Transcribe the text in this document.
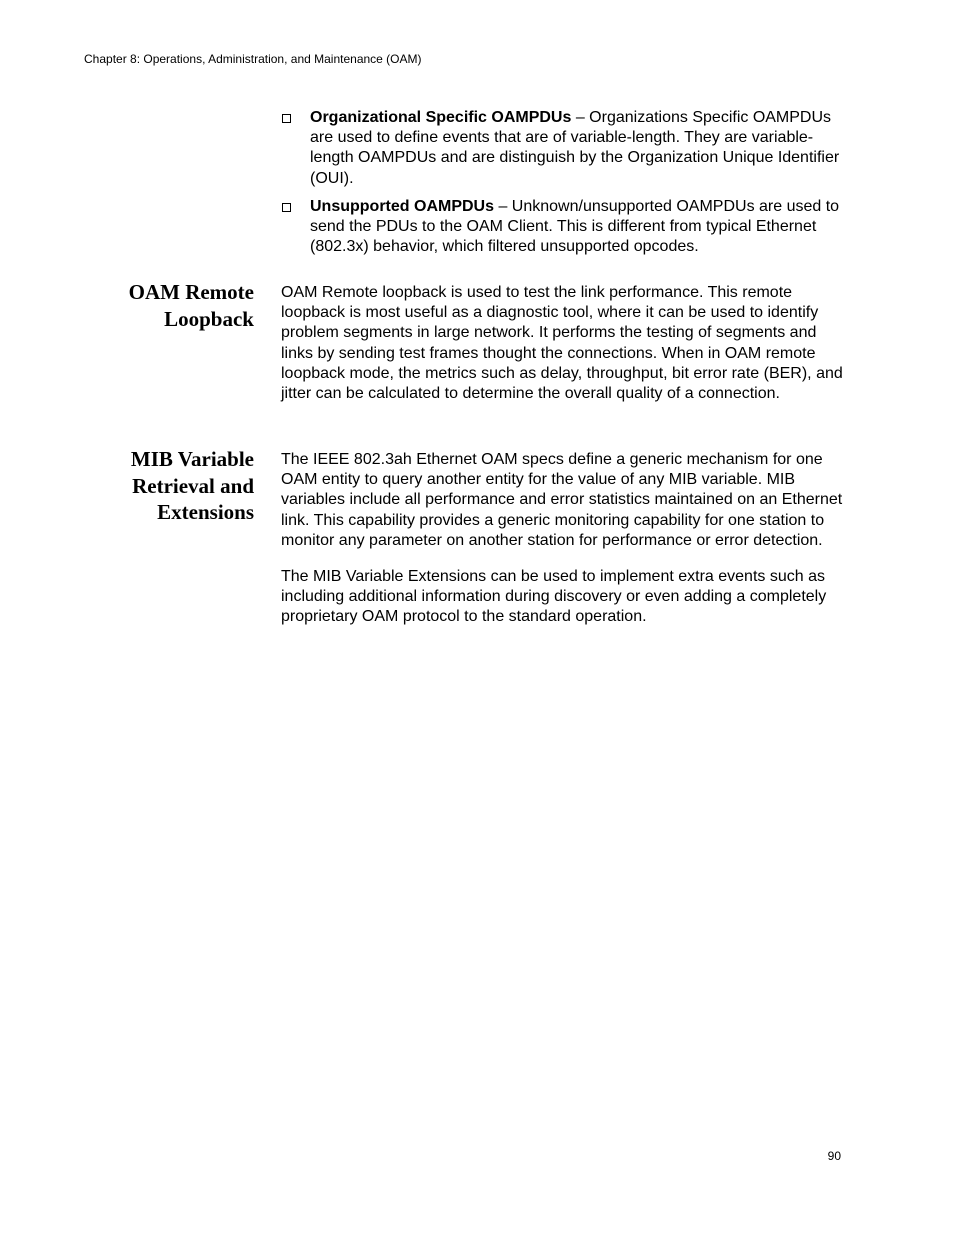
Chapter 8: Operations, Administration, and Maintenance (OAM)
Organizational Specific OAMPDUs – Organizations Specific OAMPDUs are used to define events that are of variable-length. They are variable-length OAMPDUs and are distinguish by the Organization Unique Identifier (OUI).
Unsupported OAMPDUs – Unknown/unsupported OAMPDUs are used to send the PDUs to the OAM Client. This is different from typical Ethernet (802.3x) behavior, which filtered unsupported opcodes.
OAM Remote
Loopback

OAM Remote loopback is used to test the link performance. This remote loopback is most useful as a diagnostic tool, where it can be used to identify problem segments in large network. It performs the testing of segments and links by sending test frames thought the connections. When in OAM remote loopback mode, the metrics such as delay, throughput, bit error rate (BER), and jitter can be calculated to determine the overall quality of a connection.

MIB Variable
Retrieval and
Extensions

The IEEE 802.3ah Ethernet OAM specs define a generic mechanism for one OAM entity to query another entity for the value of any MIB variable. MIB variables include all performance and error statistics maintained on an Ethernet link. This capability provides a generic monitoring capability for one station to monitor any parameter on another station for performance or error detection.

The MIB Variable Extensions can be used to implement extra events such as including additional information during discovery or even adding a completely proprietary OAM protocol to the standard operation.

90
